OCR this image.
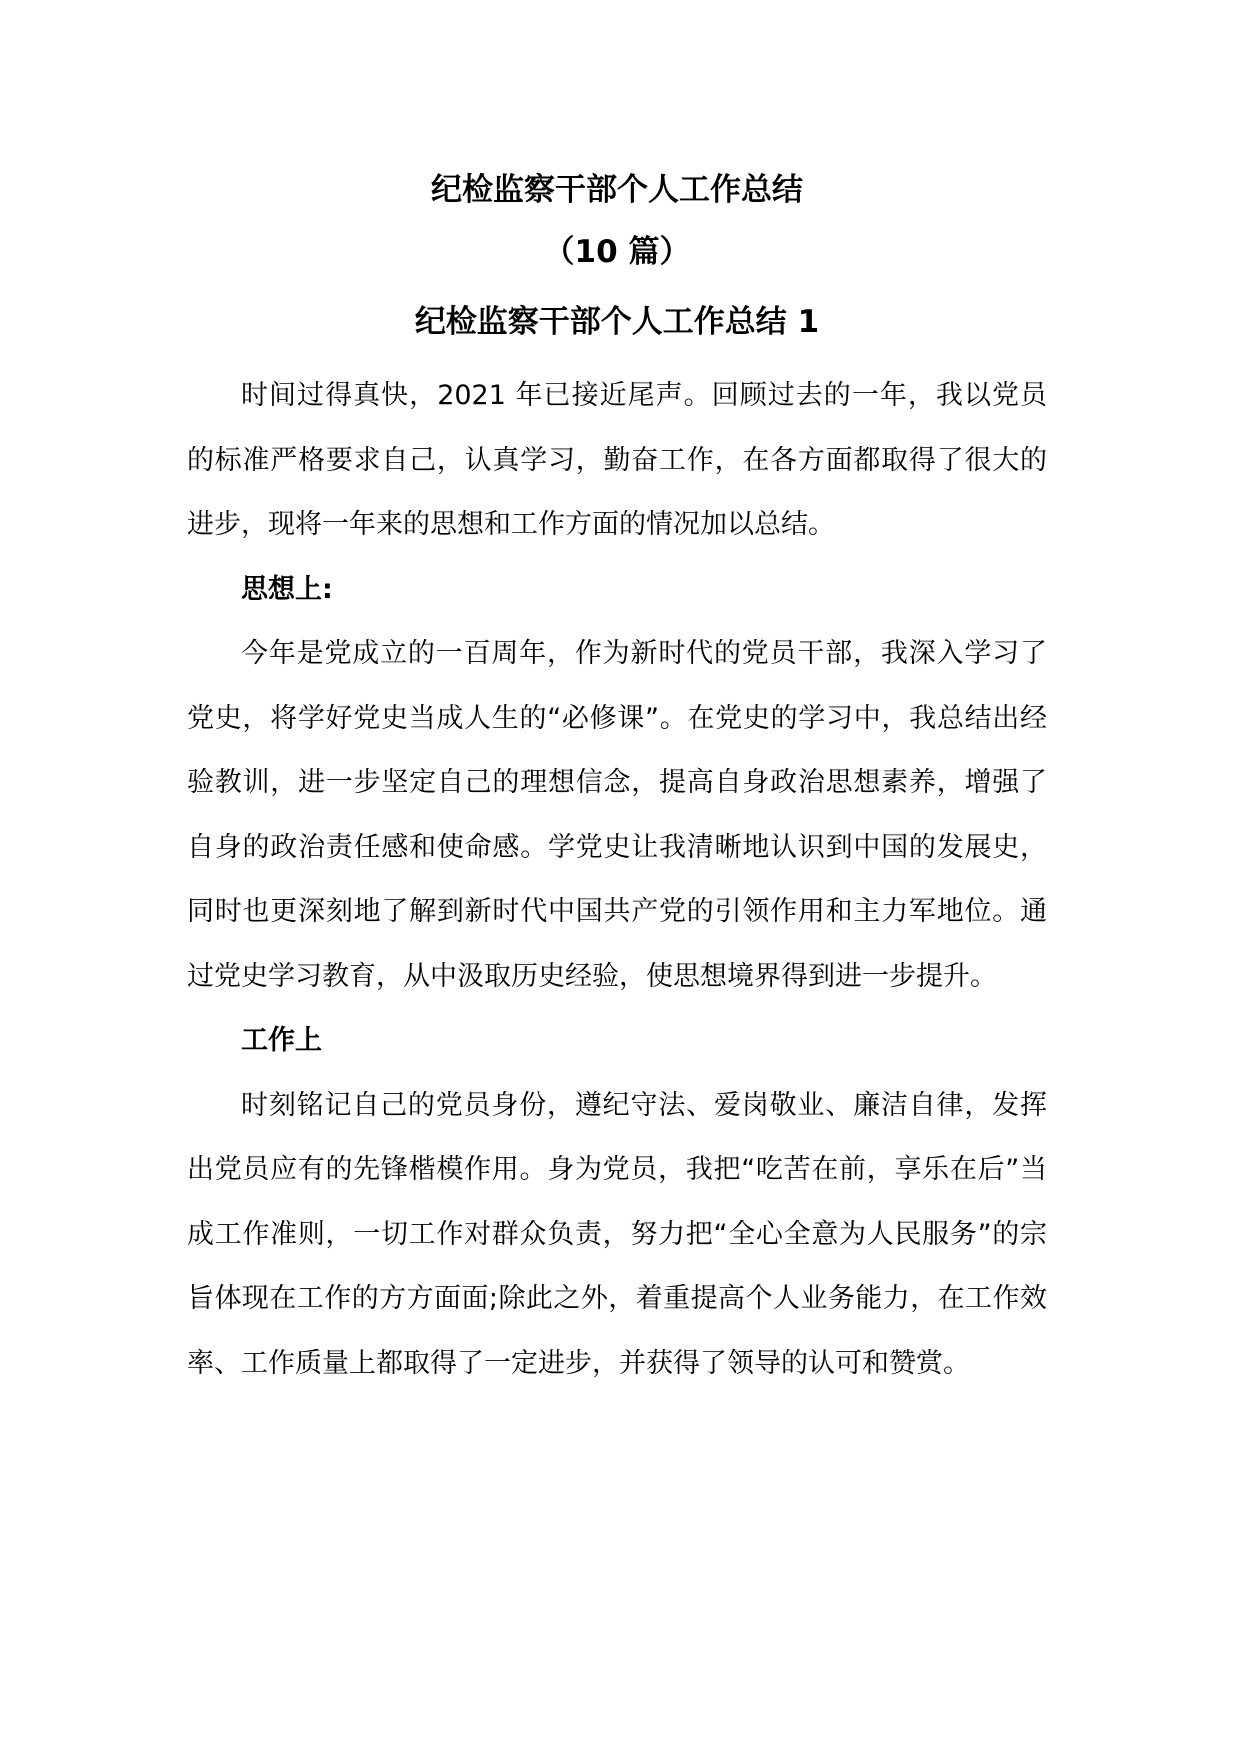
纪检监察干部个人工作总结
（10 篇）
纪检监察干部个人工作总结 1

时间过得真快，2021 年已接近尾声。回顾过去的一年，我以党员的标准严格要求自己，认真学习，勤奋工作，在各方面都取得了很大的进步，现将一年来的思想和工作方面的情况加以总结。

思想上:

今年是党成立的一百周年，作为新时代的党员干部，我深入学习了党史，将学好党史当成人生的“必修课”。在党史的学习中，我总结出经验教训，进一步坚定自己的理想信念，提高自身政治思想素养，增强了自身的政治责任感和使命感。学党史让我清晰地认识到中国的发展史，同时也更深刻地了解到新时代中国共产党的引领作用和主力军地位。通过党史学习教育，从中汲取历史经验，使思想境界得到进一步提升。

工作上

时刻铭记自己的党员身份，遵纪守法、爱岗敬业、廉洁自律，发挥出党员应有的先锋楷模作用。身为党员，我把“吃苦在前，享乐在后”当成工作准则，一切工作对群众负责，努力把“全心全意为人民服务”的宗旨体现在工作的方方面面;除此之外，着重提高个人业务能力，在工作效率、工作质量上都取得了一定进步，并获得了领导的认可和赞赏。
